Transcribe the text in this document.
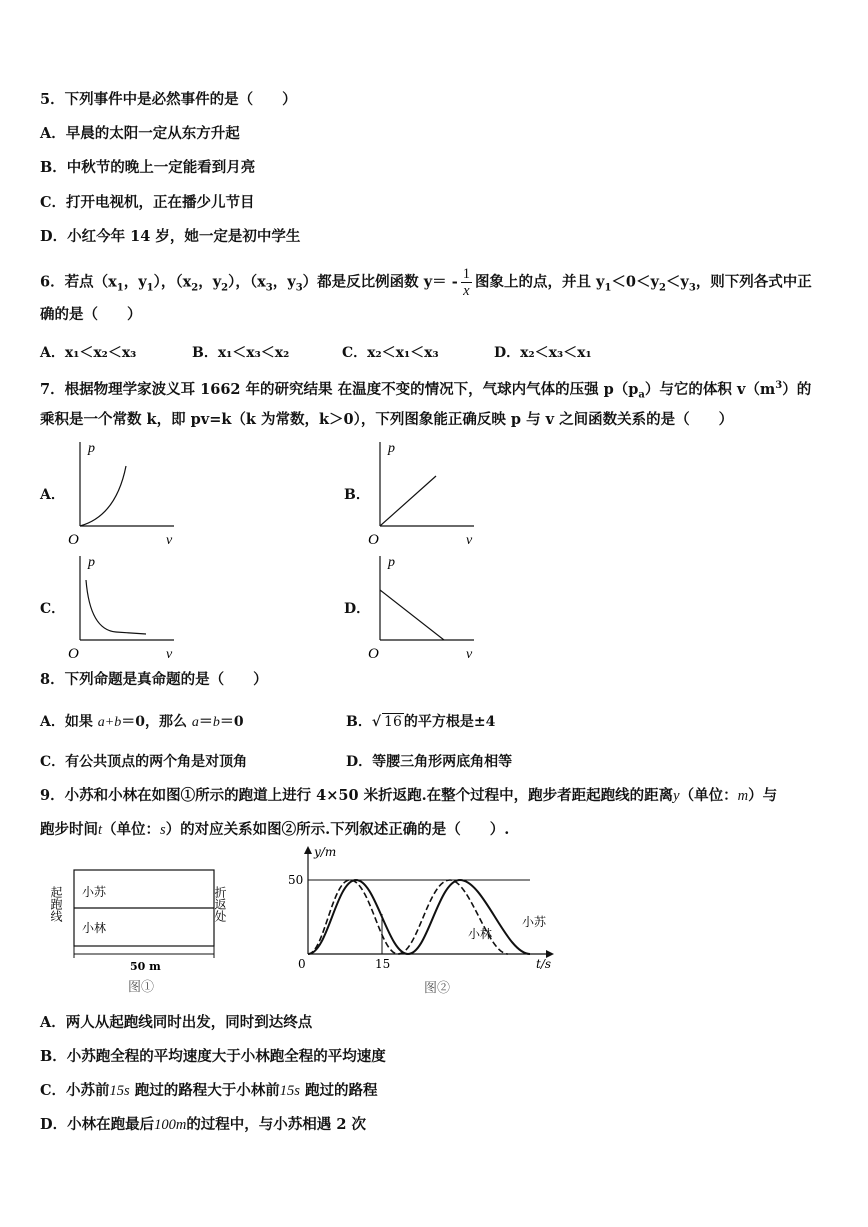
5．下列事件中是必然事件的是（　　）
A．早晨的太阳一定从东方升起
B．中秋节的晚上一定能看到月亮
C．打开电视机，正在播少儿节目
D．小红今年 14 岁，她一定是初中学生
6．若点（$x_1$，$y_1$），（$x_2$，$y_2$），（$x_3$，$y_3$）都是反比例函数 $y= - \frac{1}{x}$ 图象上的点，并且 $y_1<0<y_2<y_3$，则下列各式中正
确的是（　　）
A．x₁＜x₂＜x₃	B．x₁＜x₃＜x₂	C．x₂＜x₁＜x₃	D．x₂＜x₃＜x₁
7．根据物理学家波义耳 1662 年的研究结果 在温度不变的情况下，气球内气体的压强 $p(p_a)$与它的体积 $v(m^3)$的
乘积是一个常数 k，即 pv=k（k 为常数，k＞0），下列图象能正确反映 p 与 v 之间函数关系的是（　　）
A．	B．
C．	D．
p
v
O
p
v
O
p
v
O
p
v
O
8．下列命题是真命题的是（　　）
A．如果 a+b＝0，那么 a＝b＝0	B．√ 16 的平方根是±4
C．有公共顶点的两个角是对顶角	D．等腰三角形两底角相等
9．小苏和小林在如图①所示的跑道上进行 4×50 米折返跑.在整个过程中，跑步者距起跑线的距离y（单位：m）与
跑步时间t（单位：s）的对应关系如图②所示.下列叙述正确的是（　　）.
起跑线	折返处
小苏
小林
50 m
图①
y/m
50
0	15	t/s
小苏
小林
图②
A．两人从起跑线同时出发，同时到达终点
B．小苏跑全程的平均速度大于小林跑全程的平均速度
C．小苏前15s 跑过的路程大于小林前15s 跑过的路程
D．小林在跑最后100m的过程中，与小苏相遇 2 次
